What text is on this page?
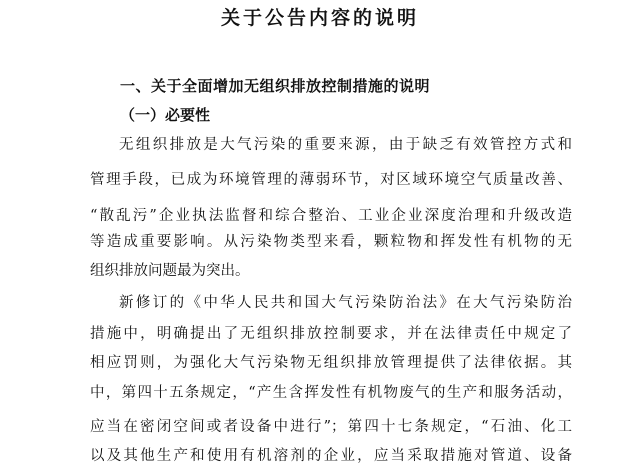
关于公告内容的说明
一、关于全面增加无组织排放控制措施的说明
（一）必要性
无组织排放是大气污染的重要来源，由于缺乏有效管控方式和
管理手段，已成为环境管理的薄弱环节，对区域环境空气质量改善、
“散乱污”企业执法监督和综合整治、工业企业深度治理和升级改造
等造成重要影响。从污染物类型来看，颗粒物和挥发性有机物的无
组织排放问题最为突出。
新修订的《中华人民共和国大气污染防治法》在大气污染防治
措施中，明确提出了无组织排放控制要求，并在法律责任中规定了
相应罚则，为强化大气污染物无组织排放管理提供了法律依据。其
中，第四十五条规定，“产生含挥发性有机物废气的生产和服务活动，
应当在密闭空间或者设备中进行”；第四十七条规定，“石油、化工
以及其他生产和使用有机溶剂的企业，应当采取措施对管道、设备
